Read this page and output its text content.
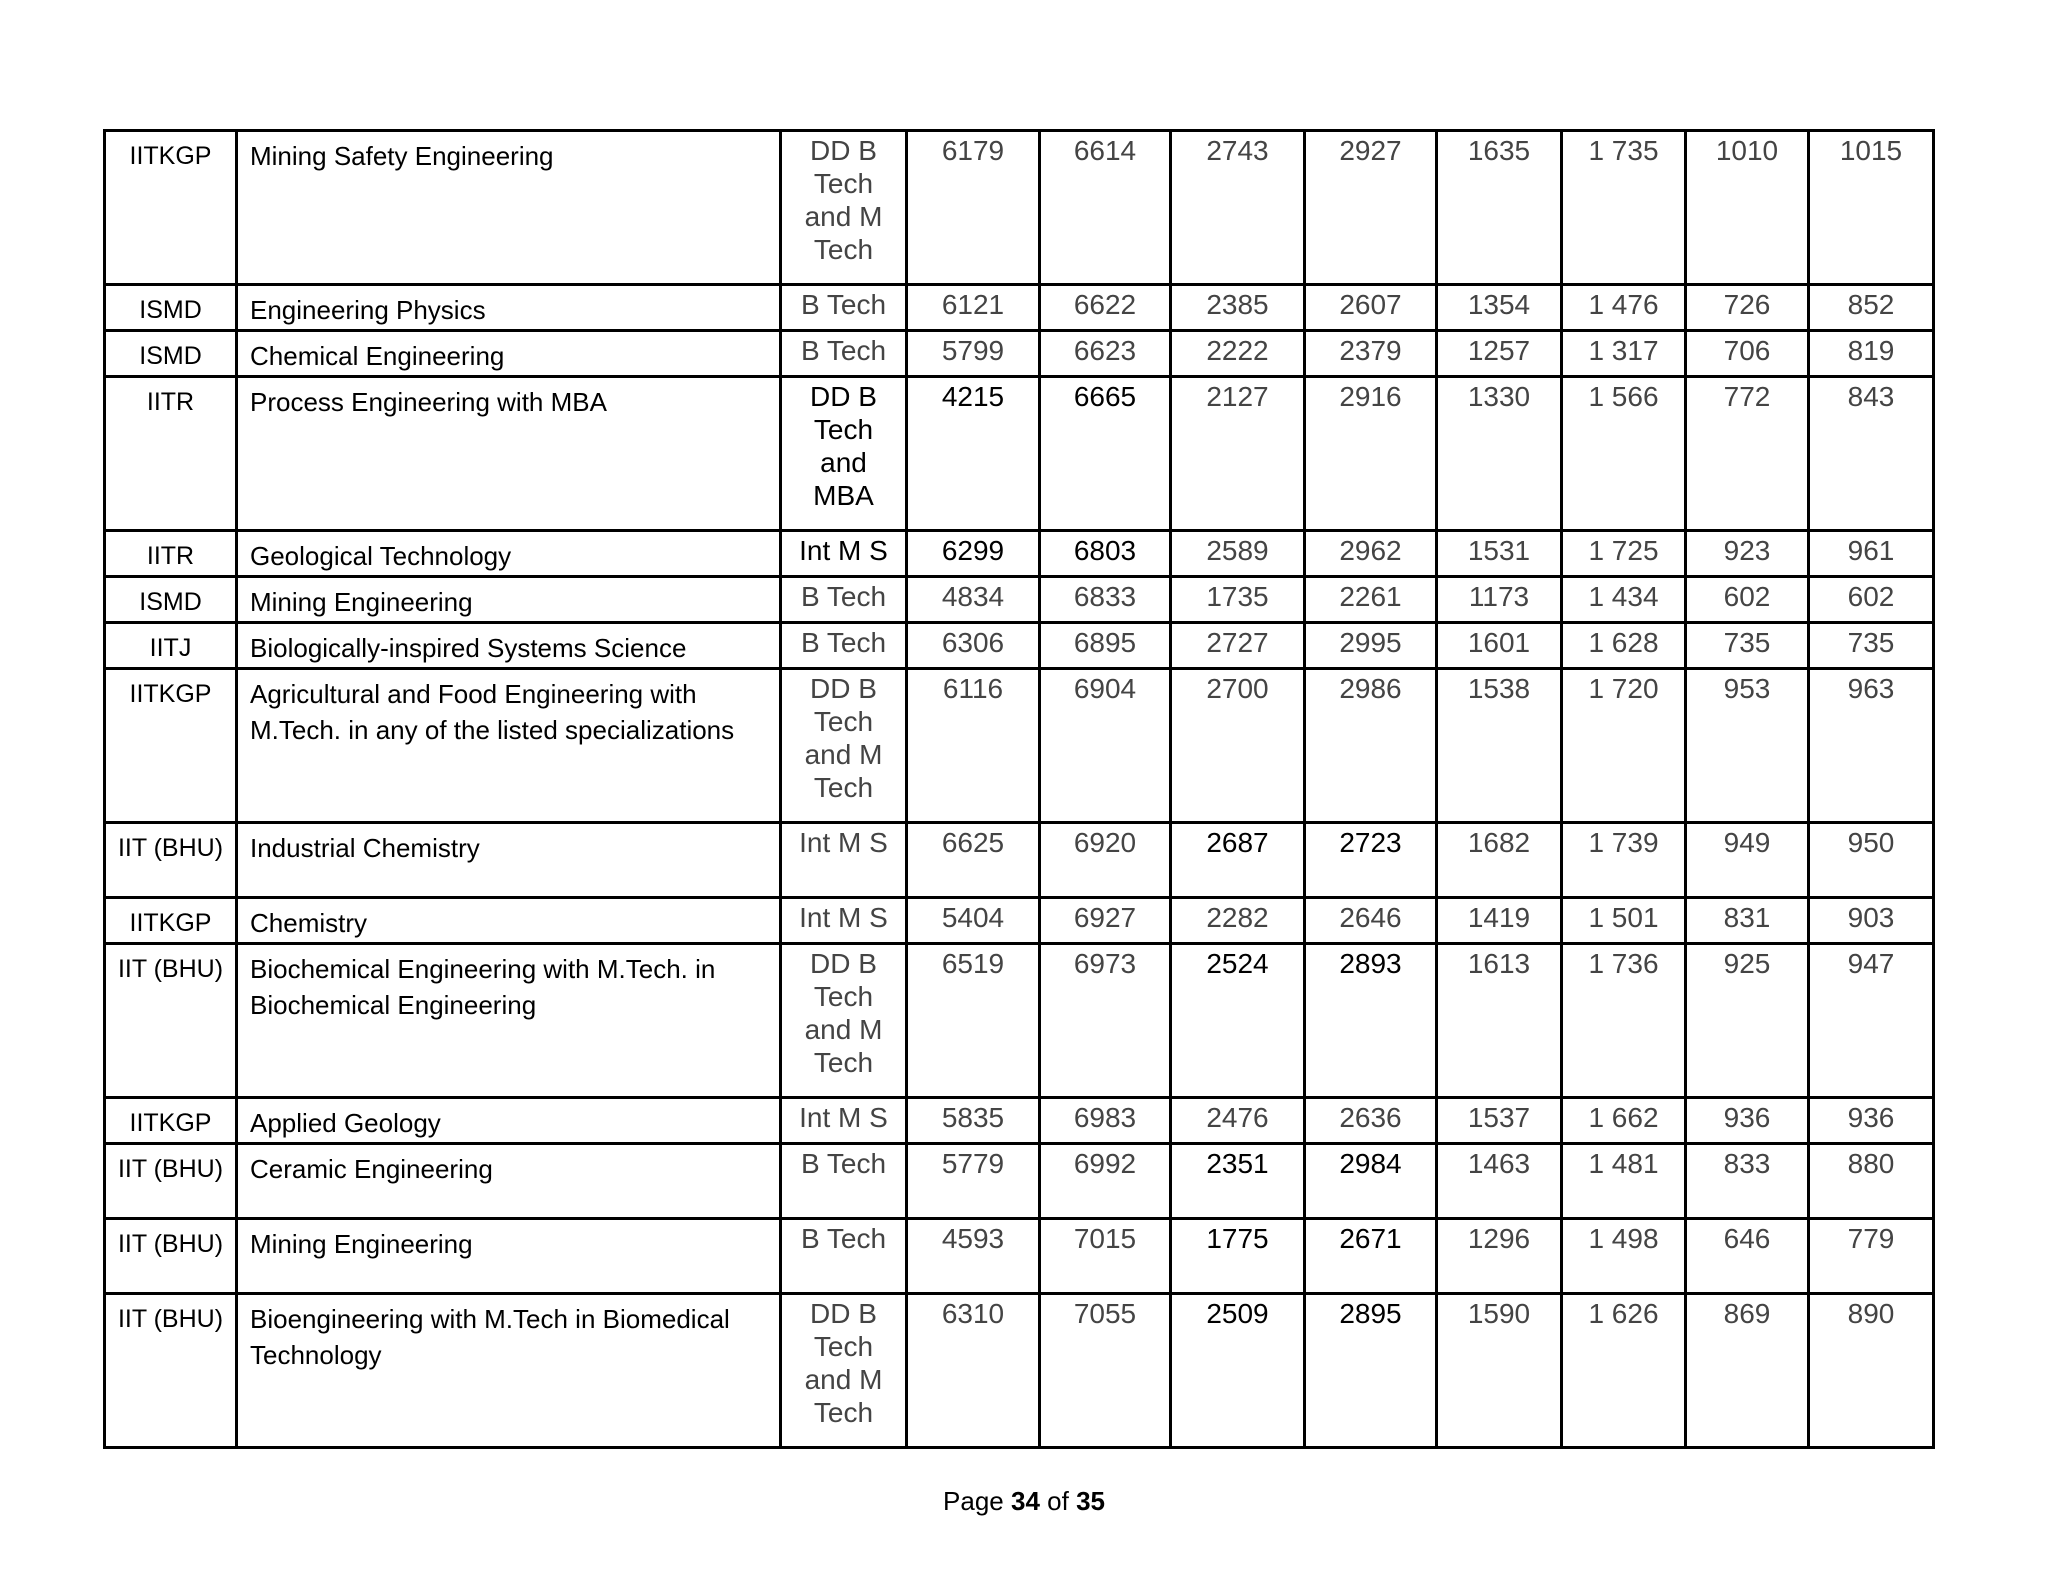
IITKGP	Mining Safety Engineering	DD B Tech and M Tech	6179	6614	2743	2927	1635	1 735	1010	1015
ISMD	Engineering Physics	B Tech	6121	6622	2385	2607	1354	1 476	726	852
ISMD	Chemical Engineering	B Tech	5799	6623	2222	2379	1257	1 317	706	819
IITR	Process Engineering with MBA	DD B Tech and MBA	4215	6665	2127	2916	1330	1 566	772	843
IITR	Geological Technology	Int M S	6299	6803	2589	2962	1531	1 725	923	961
ISMD	Mining Engineering	B Tech	4834	6833	1735	2261	1173	1 434	602	602
IITJ	Biologically-inspired Systems Science	B Tech	6306	6895	2727	2995	1601	1 628	735	735
IITKGP	Agricultural and Food Engineering with M.Tech. in any of the listed specializations	DD B Tech and M Tech	6116	6904	2700	2986	1538	1 720	953	963
IIT (BHU)	Industrial Chemistry	Int M S	6625	6920	2687	2723	1682	1 739	949	950
IITKGP	Chemistry	Int M S	5404	6927	2282	2646	1419	1 501	831	903
IIT (BHU)	Biochemical Engineering with M.Tech. in Biochemical Engineering	DD B Tech and M Tech	6519	6973	2524	2893	1613	1 736	925	947
IITKGP	Applied Geology	Int M S	5835	6983	2476	2636	1537	1 662	936	936
IIT (BHU)	Ceramic Engineering	B Tech	5779	6992	2351	2984	1463	1 481	833	880
IIT (BHU)	Mining Engineering	B Tech	4593	7015	1775	2671	1296	1 498	646	779
IIT (BHU)	Bioengineering with M.Tech in Biomedical Technology	DD B Tech and M Tech	6310	7055	2509	2895	1590	1 626	869	890
Page 34 of 35
